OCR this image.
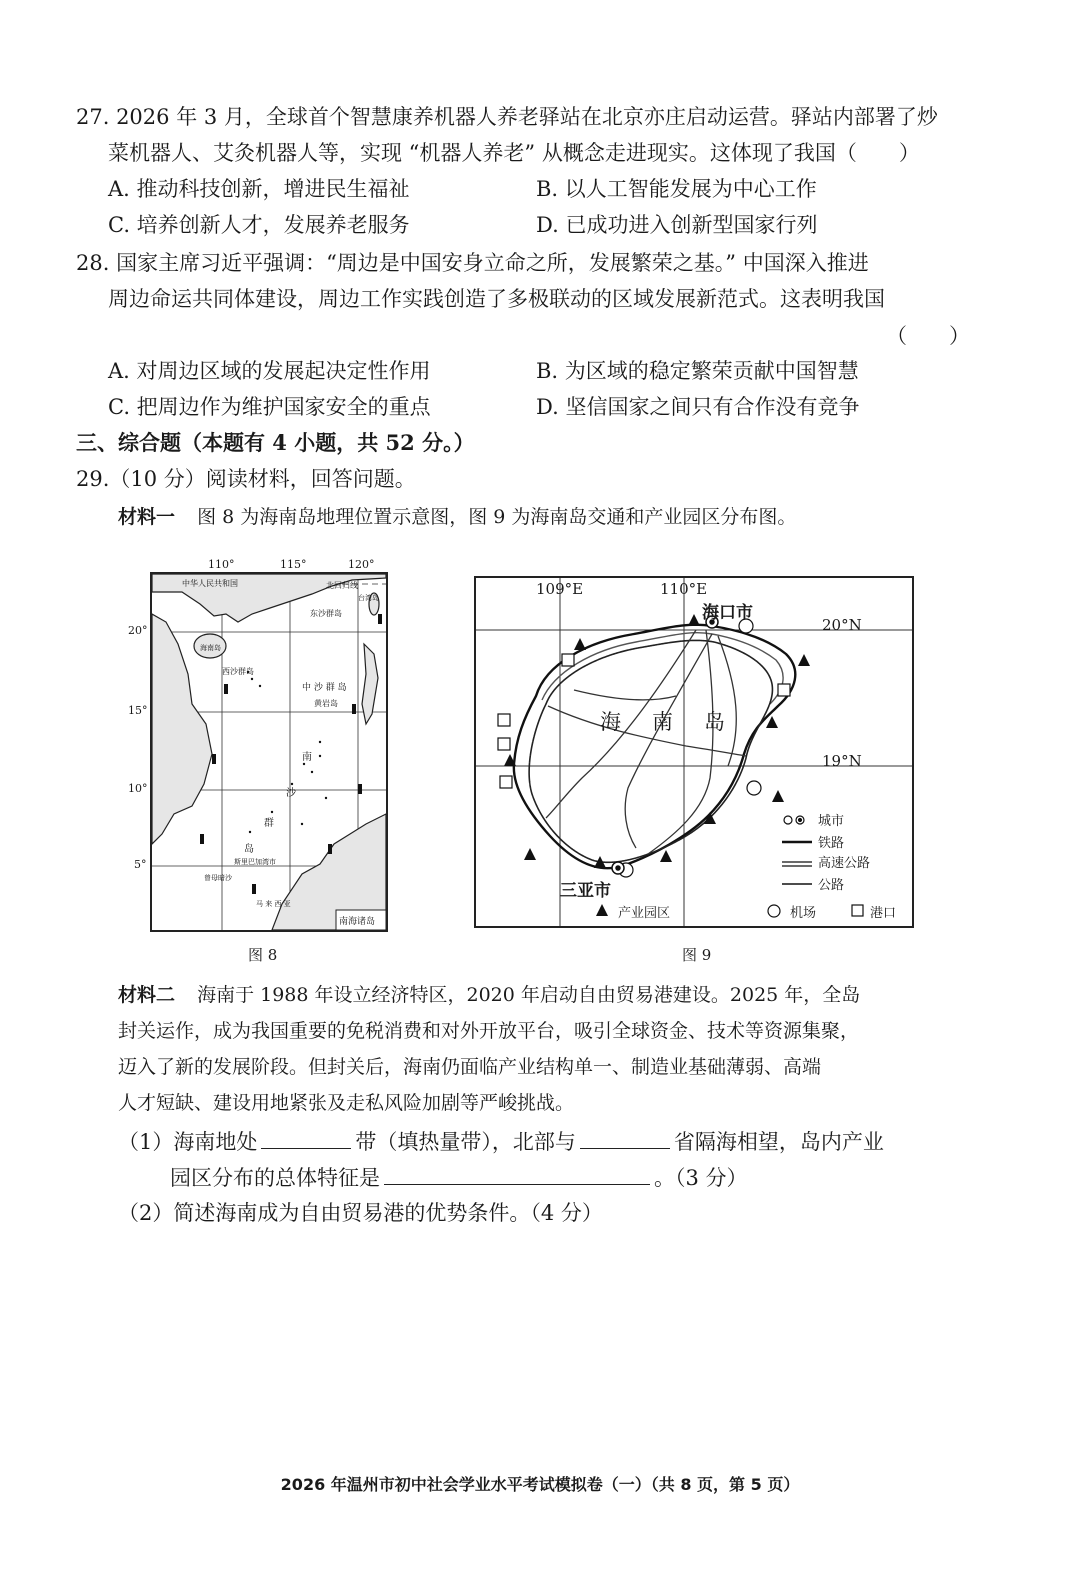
27. 2026 年 3 月，全球首个智慧康养机器人养老驿站在北京亦庄启动运营。驿站内部署了炒
菜机器人、艾灸机器人等，实现 “机器人养老” 从概念走进现实。这体现了我国（　　）
A. 推动科技创新，增进民生福祉	B. 以人工智能发展为中心工作
C. 培养创新人才，发展养老服务	D. 已成功进入创新型国家行列
28. 国家主席习近平强调：“周边是中国安身立命之所，发展繁荣之基。” 中国深入推进
周边命运共同体建设，周边工作实践创造了多极联动的区域发展新范式。这表明我国
（　　）
A. 对周边区域的发展起决定性作用	B. 为区域的稳定繁荣贡献中国智慧
C. 把周边作为维护国家安全的重点	D. 坚信国家之间只有合作没有竞争
三、综合题（本题有 4 小题，共 52 分。）
29.（10 分）阅读材料，回答问题。
材料一 图 8 为海南岛地理位置示意图，图 9 为海南岛交通和产业园区分布图。
中华人民共和国	北回归线
台湾岛
东沙群岛
海南岛
西沙群岛
中 沙 群 岛
黄岩岛
南
沙
群
岛
斯里巴加湾市
曾母暗沙
马 来 西 亚
南海诸岛
110°	115°	120°
20°
15°
10°
5°
109°E	110°E
20°N
19°N
海口市
三亚市
海 南 岛
城市
铁路
高速公路
公路
产业园区	机场	港口
图 8	图 9
材料二 海南于 1988 年设立经济特区，2020 年启动自由贸易港建设。2025 年，全岛
封关运作，成为我国重要的免税消费和对外开放平台，吸引全球资金、技术等资源集聚，
迈入了新的发展阶段。但封关后，海南仍面临产业结构单一、制造业基础薄弱、高端
人才短缺、建设用地紧张及走私风险加剧等严峻挑战。
（1）海南地处	带（填热量带），北部与	省隔海相望，岛内产业
园区分布的总体特征是	。（3 分）
（2）简述海南成为自由贸易港的优势条件。（4 分）
2026 年温州市初中社会学业水平考试模拟卷（一）（共 8 页，第 5 页）
